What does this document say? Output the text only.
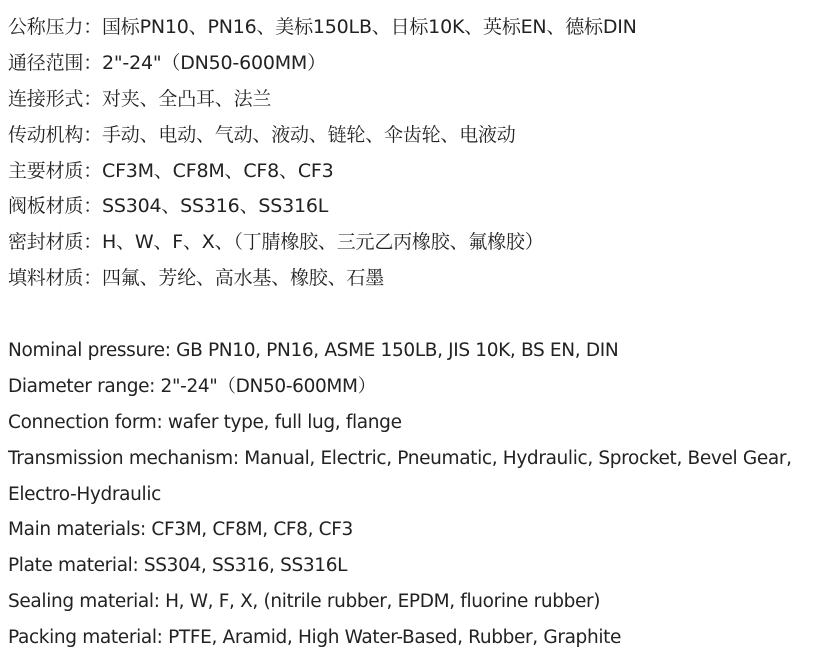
公称压力：国标PN10、PN16、美标150LB、日标10K、英标EN、德标DIN
通径范围：2"-24"（DN50-600MM）
连接形式：对夹、全凸耳、法兰
传动机构：手动、电动、气动、液动、链轮、伞齿轮、电液动
主要材质：CF3M、CF8M、CF8、CF3
阀板材质：SS304、SS316、SS316L
密封材质：H、W、F、X、（丁腈橡胶、三元乙丙橡胶、氟橡胶）
填料材质：四氟、芳纶、高水基、橡胶、石墨
Nominal pressure: GB PN10, PN16, ASME 150LB, JIS 10K, BS EN, DIN
Diameter range: 2"-24"（DN50-600MM）
Connection form: wafer type, full lug, flange
Transmission mechanism: Manual, Electric, Pneumatic, Hydraulic, Sprocket, Bevel Gear, Electro-Hydraulic
Main materials: CF3M, CF8M, CF8, CF3
Plate material: SS304, SS316, SS316L
Sealing material: H, W, F, X, (nitrile rubber, EPDM, fluorine rubber)
Packing material: PTFE, Aramid, High Water-Based, Rubber, Graphite
